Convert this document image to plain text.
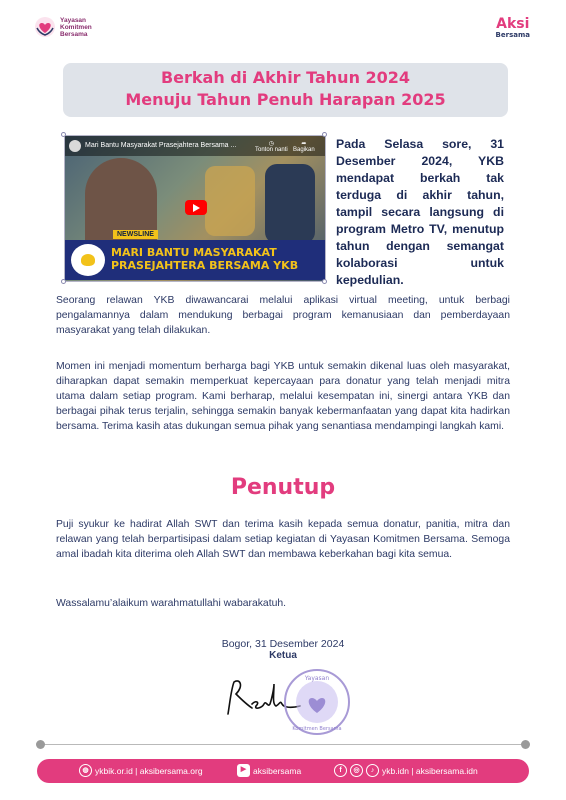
Yayasan
Komitmen
Bersama
Aksi
Bersama
Berkah di Akhir Tahun 2024
Menuju Tahun Penuh Harapan 2025
Mari Bantu Masyarakat Prasejahtera Bersama ...	◷
Tonton nanti
➦
Bagikan
NEWSLINE
MARI BANTU MASYARAKAT
PRASEJAHTERA BERSAMA YKB
Pada Selasa sore, 31 Desember 2024, YKB mendapat berkah tak terduga di akhir tahun, tampil secara langsung di program Metro TV, menutup tahun dengan semangat kolaborasi untuk kepedulian.

Seorang relawan YKB diwawancarai melalui aplikasi virtual meeting, untuk berbagi pengalamannya dalam mendukung berbagai program kemanusiaan dan pemberdayaan masyarakat yang telah dilakukan.

Momen ini menjadi momentum berharga bagi YKB untuk semakin dikenal luas oleh masyarakat, diharapkan dapat semakin memperkuat kepercayaan para donatur yang telah menjadi mitra utama dalam setiap program. Kami berharap, melalui kesempatan ini, sinergi antara YKB dan berbagai pihak terus terjalin, sehingga semakin banyak kebermanfaatan yang dapat kita hadirkan bersama. Terima kasih atas dukungan semua pihak yang senantiasa mendampingi langkah kami.

Penutup

Puji syukur ke hadirat Allah SWT dan terima kasih kepada semua donatur, panitia, mitra dan relawan yang telah berpartisipasi dalam setiap kegiatan di Yayasan Komitmen Bersama. Semoga amal ibadah kita diterima oleh Allah SWT dan membawa keberkahan bagi kita semua.

Wassalamu’alaikum warahmatullahi wabarakatuh.

Bogor, 31 Desember 2024
Ketua
Yayasan
Komitmen Bersama
◍ ykbik.or.id | aksibersama.org	▶ aksibersama	f	◎	♪ ykb.idn | aksibersama.idn
